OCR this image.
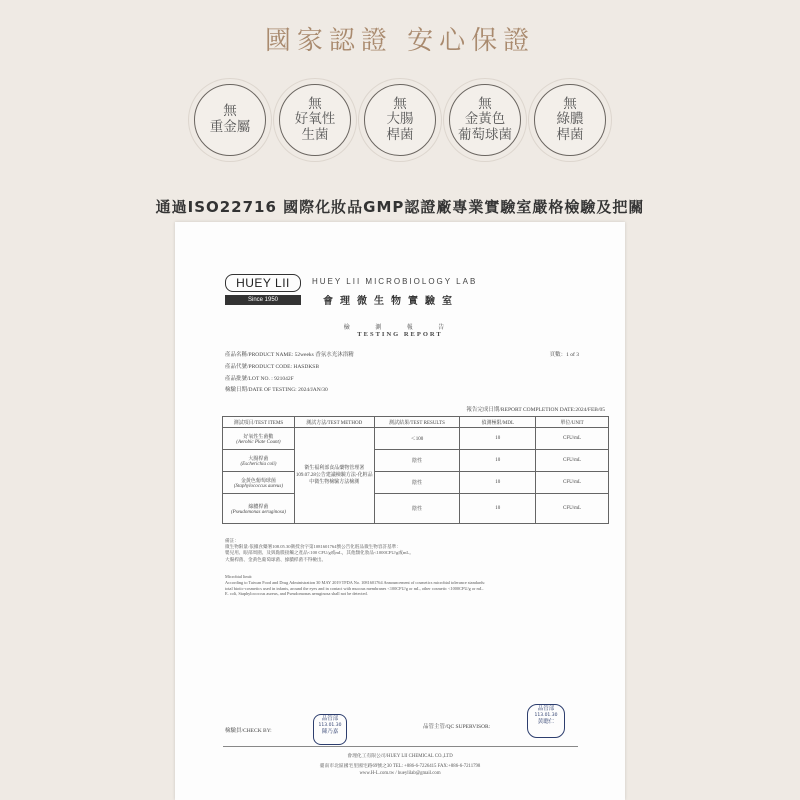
國家認證 安心保證
無
重金屬
無
好氧性
生菌
無
大腸
桿菌
無
金黃色
葡萄球菌
無
綠膿
桿菌
通過ISO22716 國際化妝品GMP認證廠專業實驗室嚴格檢驗及把關
HUEY LII
Since 1950
HUEY LII MICROBIOLOGY LAB
會理微生物實驗室
檢 測 報 告
TESTING REPORT
產品名稱/PRODUCT NAME: 52weeks 香氛水光沐浴精
產品代號/PRODUCT CODE: HASDKSB
產品批號/LOT NO. : 921042F
檢驗日期/DATE OF TESTING: 2024/JAN/30
頁數：1 of 3
報告完成日期/REPORT COMPLETION DATE:2024/FEB/05
測試項目/TEST ITEMS	測試方法/TEST METHOD	測試結果/TEST RESULTS	偵測極限/MDL	單位/UNIT
好氧性生菌數
(Aerobic Plate Count)	衛生福利部食品藥物管理署109.07.28公告建議檢驗方法-化粧品中微生物檢驗方法檢測	＜100	10	CFU/mL
大腸桿菌
(Escherichia coli)		陰性	10	CFU/mL
金黃色葡萄球菌
(Staphylococcus aureus)		陰性	10	CFU/mL
綠膿桿菌
(Pseudomonas aeruginosa)		陰性	10	CFU/mL
備註：
微生物限量:依據食藥署108.05.30衛授食字第1081601764號公告化粧品微生物容許基準：
嬰兒用、眼部周圍、及與黏膜接觸之產品<100 CFU/g或mL，其他類化妝品<1000CFU/g或mL。
大腸桿菌、金黃色葡萄球菌、綠膿桿菌不得檢出。
Microbial limit:
According to Taiwan Food and Drug Administration 30 MAY 2019 TFDA No. 1081601764 Announcement of cosmetics microbial tolerance standards:
total biotic-cosmetics used in infants, around the eyes and in contact with mucous membranes <100CFU/g or mL, other cosmetic <1000CFU/g or mL.
E. coli, Staphylococcus aureus, and Pseudomonas aeruginosa shall not be detected.
檢驗員/CHECK BY:
品管部
113.01.30
陳乃嘉
品管主管/QC SUPERVISOR:
品管部
113.01.30
黃聰仁
會理化工有限公司/HUEY LII CHEMICAL CO.,LTD
臺南市北區國宅里國宅路69號之30 TEL: +886-6-7226415 FAX:+886-6-7211798
www.H-L.com.tw / hueylilab@gmail.com
